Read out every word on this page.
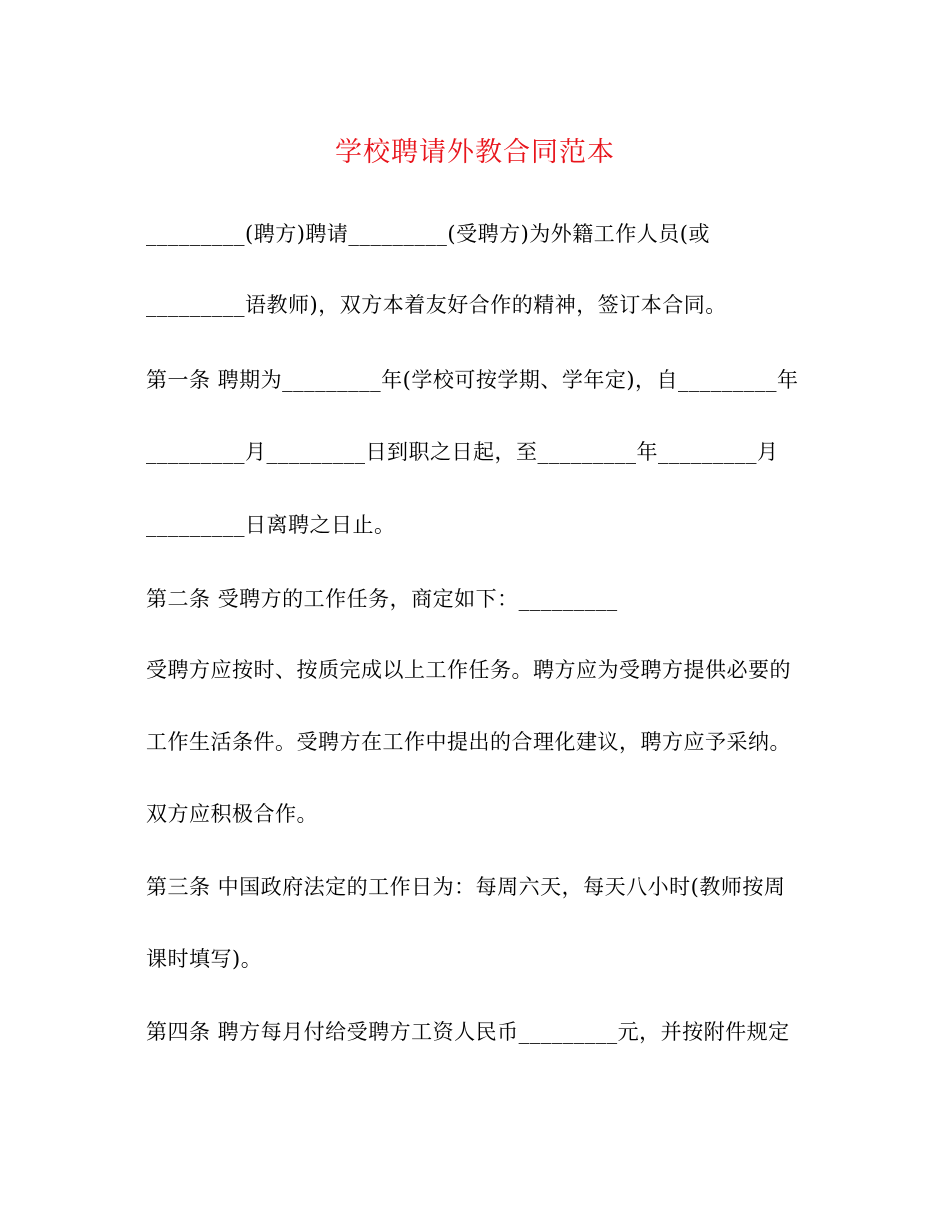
学校聘请外教合同范本
_________(聘方)聘请_________(受聘方)为外籍工作人员(或
_________语教师)，双方本着友好合作的精神，签订本合同。
第一条 聘期为_________年(学校可按学期、学年定)，自_________年
_________月_________日到职之日起，至_________年_________月
_________日离聘之日止。
第二条 受聘方的工作任务，商定如下：_________
受聘方应按时、按质完成以上工作任务。聘方应为受聘方提供必要的
工作生活条件。受聘方在工作中提出的合理化建议，聘方应予采纳。
双方应积极合作。
第三条 中国政府法定的工作日为：每周六天，每天八小时(教师按周
课时填写)。
第四条 聘方每月付给受聘方工资人民币_________元，并按附件规定
